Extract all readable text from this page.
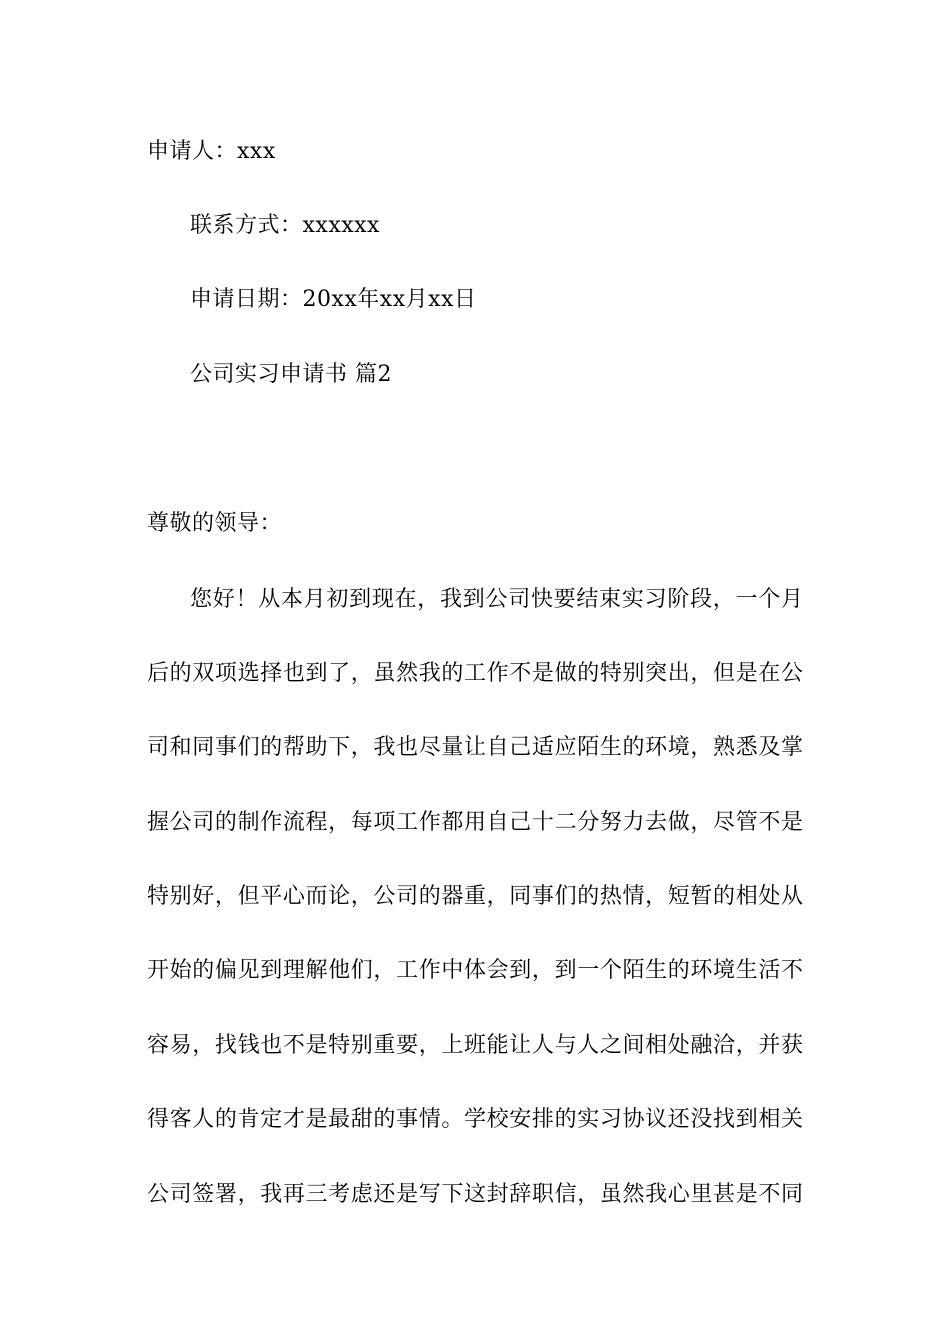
申请人：xxx
联系方式：xxxxxx
申请日期：20xx年xx月xx日
公司实习申请书 篇2
尊敬的领导：
您好！从本月初到现在，我到公司快要结束实习阶段，一个月
后的双项选择也到了，虽然我的工作不是做的特别突出，但是在公
司和同事们的帮助下，我也尽量让自己适应陌生的环境，熟悉及掌
握公司的制作流程，每项工作都用自己十二分努力去做，尽管不是
特别好，但平心而论，公司的器重，同事们的热情，短暂的相处从
开始的偏见到理解他们，工作中体会到，到一个陌生的环境生活不
容易，找钱也不是特别重要，上班能让人与人之间相处融洽，并获
得客人的肯定才是最甜的事情。学校安排的实习协议还没找到相关
公司签署，我再三考虑还是写下这封辞职信，虽然我心里甚是不同
